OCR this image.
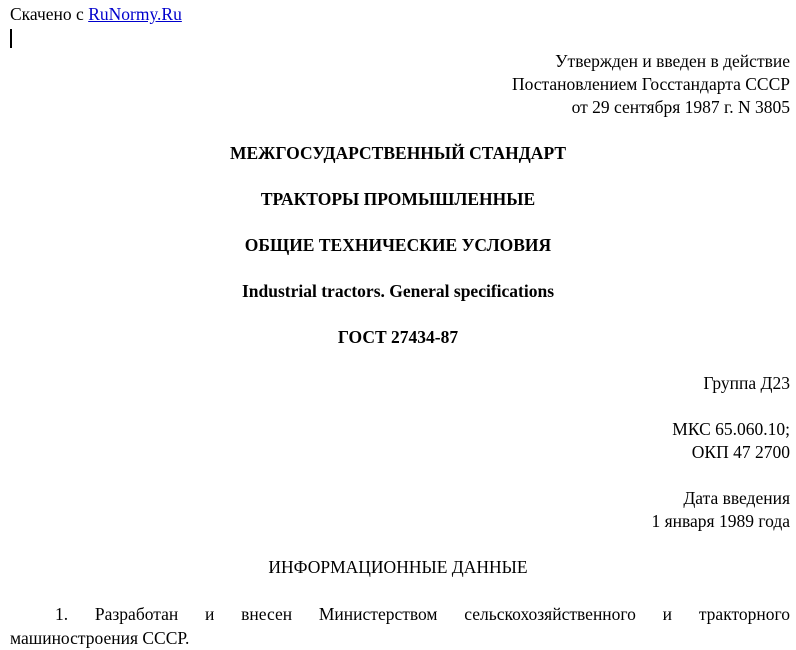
Скачено с RuNormy.Ru
Утвержден и введен в действие
Постановлением Госстандарта СССР
от 29 сентября 1987 г. N 3805
МЕЖГОСУДАРСТВЕННЫЙ СТАНДАРТ
ТРАКТОРЫ ПРОМЫШЛЕННЫЕ
ОБЩИЕ ТЕХНИЧЕСКИЕ УСЛОВИЯ
Industrial tractors. General specifications
ГОСТ 27434-87
Группа Д23
МКС 65.060.10;
ОКП 47 2700
Дата введения
1 января 1989 года
ИНФОРМАЦИОННЫЕ ДАННЫЕ
1. Разработан и внесен Министерством сельскохозяйственного и тракторного
машиностроения СССР.
